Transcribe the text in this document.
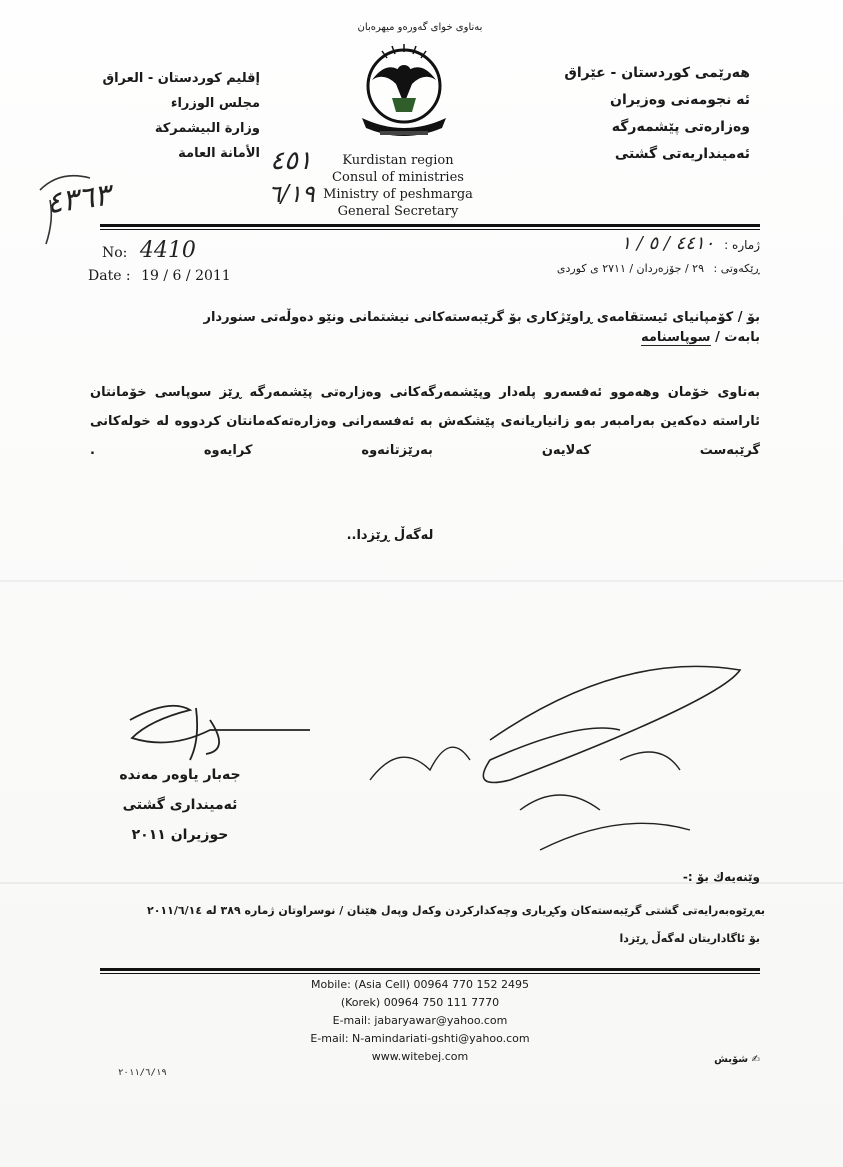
بەناوی خوای گەورەو میهرەبان
إقليم كوردستان - العراق
مجلس الوزراء
وزارة البيشمركة
الأمانة العامة
هەرێمی كوردستان - عێراق
ئە نجومەنی وەزیران
وەزارەتی پێشمەرگە
ئەمینداریەتی گشتی
Kurdistan region
Consul of ministries
Ministry of peshmarga
General Secretary
٤٥١
٦/١٩
٤٣٦٣
No: 4410
Date : 19 / 6 / 2011
ژمارە : ٤٤١٠ / ٥ / ١
ڕێکەوتی : ٢٩ / جۆزەردان / ٢٧١١ ی كوردی
بۆ / كۆمپانیای ئیستقامەی ڕاوێژكاری بۆ گرێبەستەكانی نیشتمانی ونێو دەوڵەتی سنوردار
بابەت / سوپاسنامە
بەناوی خۆمان وهەموو ئەفسەرو پلەدار وپێشمەرگەكانی وەزارەتی پێشمەرگە ڕێز سوپاسی خۆمانتان ئاراستە دەكەین بەرامبەر بەو زانیاریانەی پێشكەش بە ئەفسەرانی وەزارەتەكەمانتان كردووە لە خولەكانی گرێبەست كەلایەن بەرێزتانەوە كرایەوە .
لەگەڵ ڕێزدا..
جەبار یاوەر مەندە
ئەمینداری گشتی
حوزیران ٢٠١١
وێنەیەك بۆ :-
بەڕێوەبەرایەتی گشتی گرێبەستەكان وكڕیاری وچەكداركردن وكەل وپەل هێنان / نوسراوتان ژمارە ٣٨٩ لە ٢٠١١/٦/١٤
بۆ ئاگاداریتان لەگەڵ ڕێزدا
Mobile: (Asia Cell) 00964 770 152 2495
(Korek) 00964 750 111 7770
E-mail: jabaryawar@yahoo.com
E-mail: N-amindariati-gshti@yahoo.com
www.witebej.com
٢٠١١/٦/١٩
✍ شۆبش
